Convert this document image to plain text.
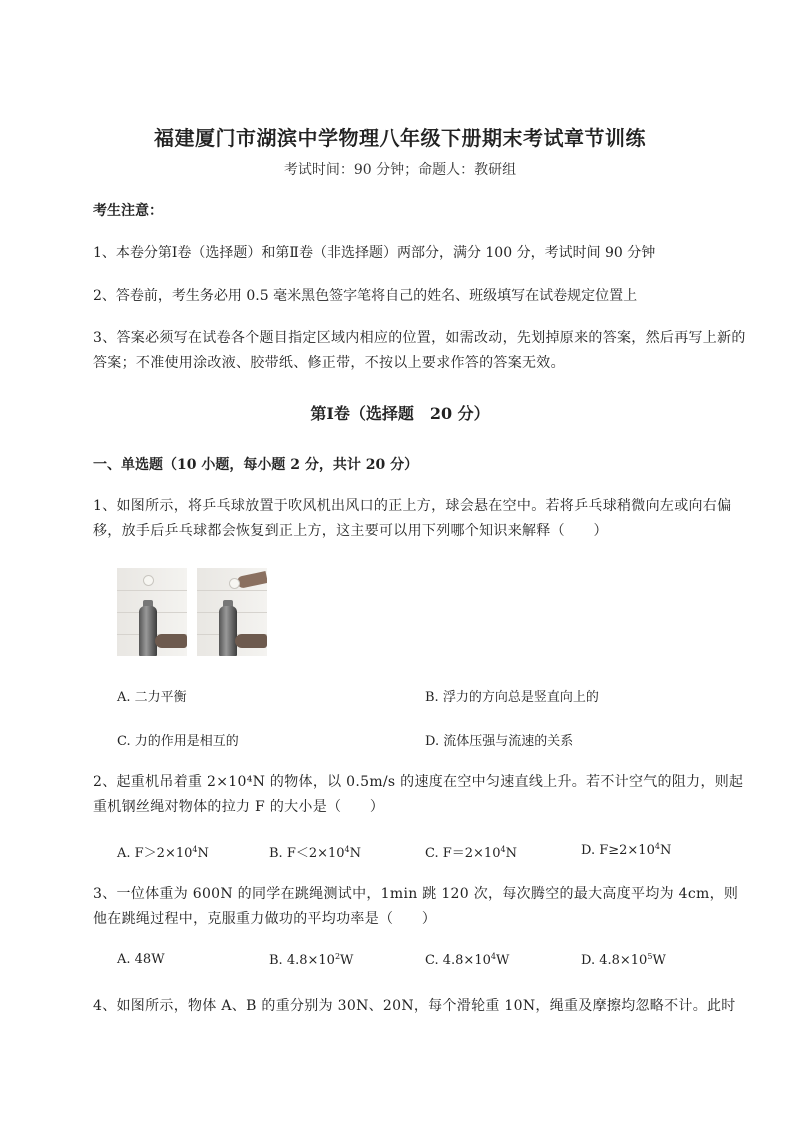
福建厦门市湖滨中学物理八年级下册期末考试章节训练
考试时间：90 分钟；命题人：教研组
考生注意：
1、本卷分第Ⅰ卷（选择题）和第Ⅱ卷（非选择题）两部分，满分 100 分，考试时间 90 分钟
2、答卷前，考生务必用 0.5 毫米黑色签字笔将自己的姓名、班级填写在试卷规定位置上
3、答案必须写在试卷各个题目指定区域内相应的位置，如需改动，先划掉原来的答案，然后再写上新的答案；不准使用涂改液、胶带纸、修正带，不按以上要求作答的答案无效。
第Ⅰ卷（选择题　20 分）
一、单选题（10 小题，每小题 2 分，共计 20 分）
1、如图所示，将乒乓球放置于吹风机出风口的正上方，球会悬在空中。若将乒乓球稍微向左或向右偏移，放手后乒乓球都会恢复到正上方，这主要可以用下列哪个知识来解释（　　）
A. 二力平衡	B. 浮力的方向总是竖直向上的
C. 力的作用是相互的	D. 流体压强与流速的关系
2、起重机吊着重 2×10⁴N 的物体，以 0.5m/s 的速度在空中匀速直线上升。若不计空气的阻力，则起重机钢丝绳对物体的拉力 F 的大小是（　　）
A. $F>2\times 10^4N$	B. $F<2\times 10^4N$	C. $F=2\times 10^4N$	D. $F\ge 2\times 10^4N$
3、一位体重为 600N 的同学在跳绳测试中，1min 跳 120 次，每次腾空的最大高度平均为 4cm，则他在跳绳过程中，克服重力做功的平均功率是（　　）
A. 48W	B. $4.8\times 10^2W$	C. $4.8\times 10^4W$	D. $4.8\times 10^5W$
4、如图所示，物体 A、B 的重分别为 30N、20N，每个滑轮重 10N，绳重及摩擦均忽略不计。此时
